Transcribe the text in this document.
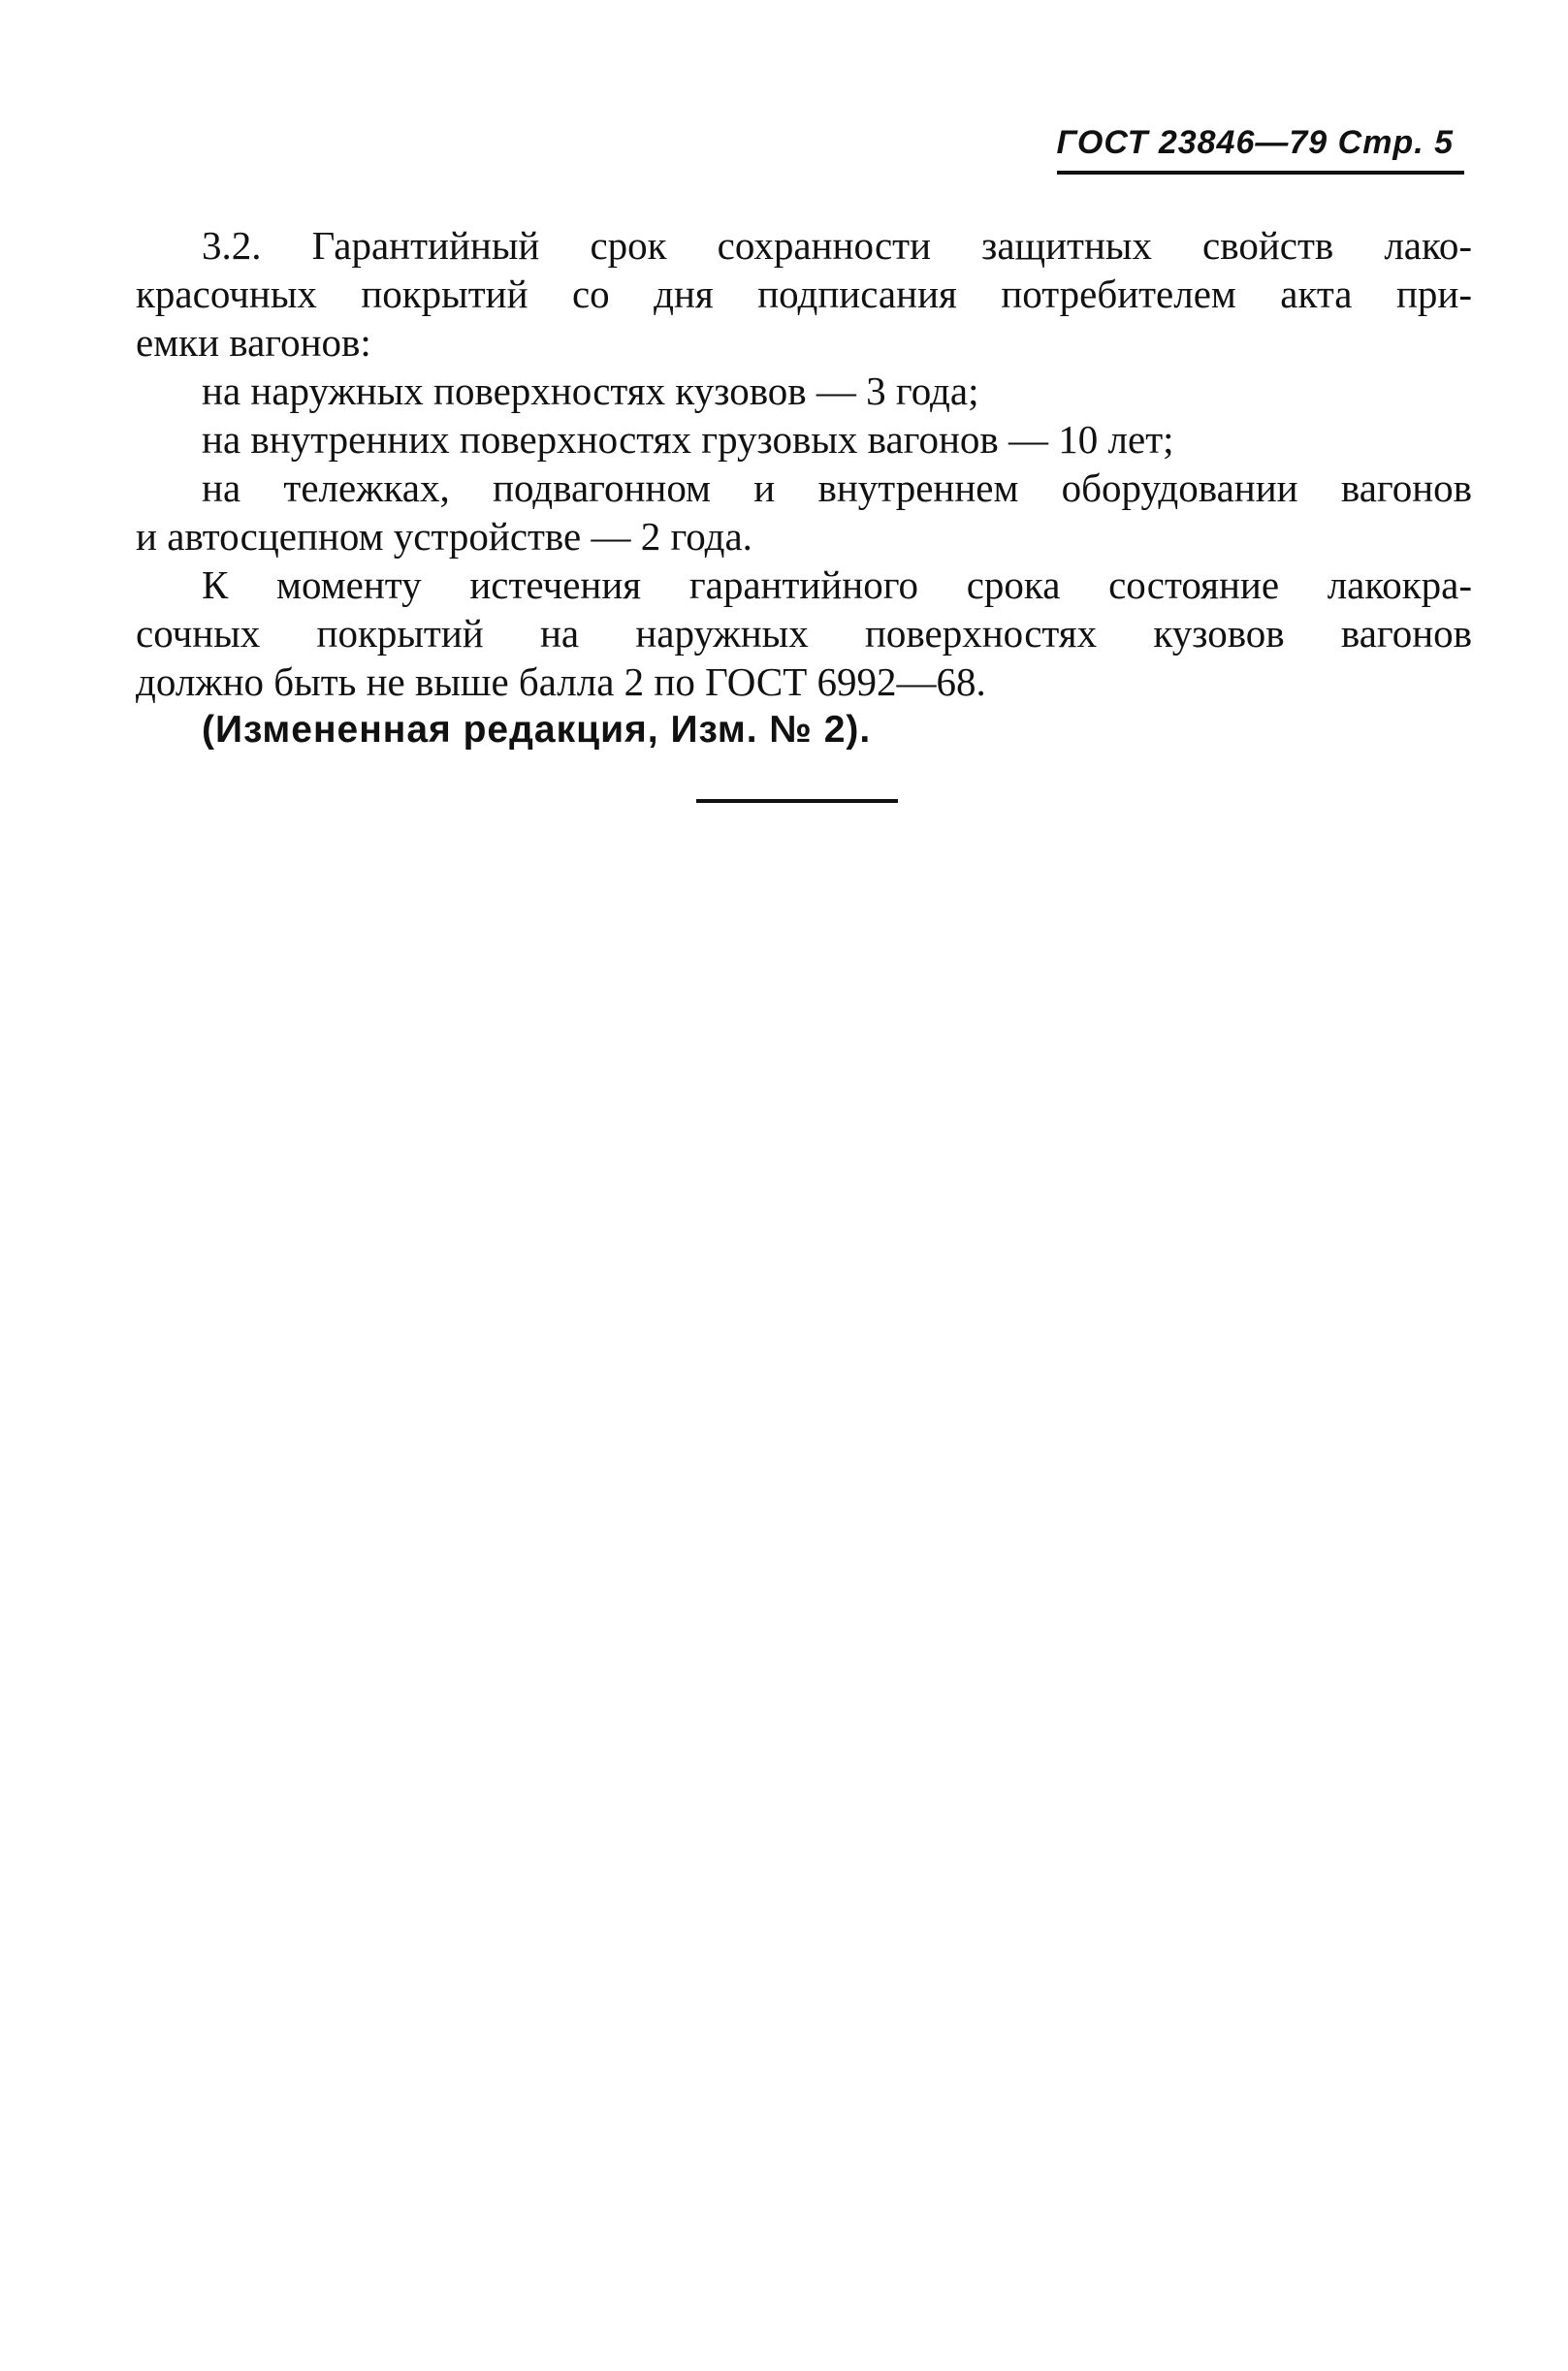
ГОСТ 23846—79 Стр. 5
3.2. Гарантийный срок сохранности защитных свойств лако-
красочных покрытий со дня подписания потребителем акта при-
емки вагонов:
на наружных поверхностях кузовов — 3 года;
на внутренних поверхностях грузовых вагонов — 10 лет;
на тележках, подвагонном и внутреннем оборудовании вагонов
и автосцепном устройстве — 2 года.
К моменту истечения гарантийного срока состояние лакокра-
сочных покрытий на наружных поверхностях кузовов вагонов
должно быть не выше балла 2 по ГОСТ 6992—68.

(Измененная редакция, Изм. № 2).
